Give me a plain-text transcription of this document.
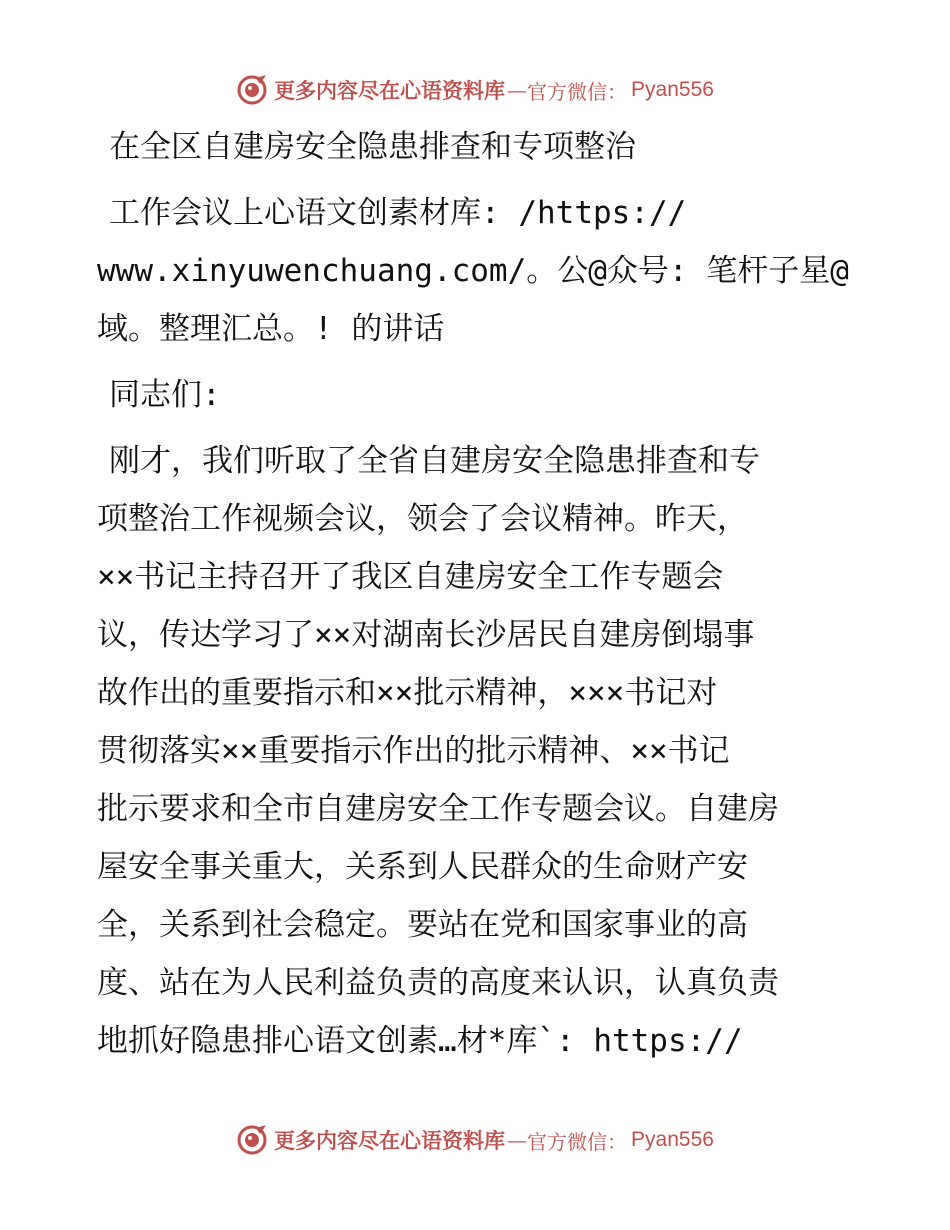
更多内容尽在心语资料库 — 官方微信： Pyan556
在全区自建房安全隐患排查和专项整治
工作会议上心语文创素材库: /https://
www.xinyuwenchuang.com/。公@众号: 笔杆子星@
域。整理汇总。! 的讲话
同志们:
刚才，我们听取了全省自建房安全隐患排查和专
项整治工作视频会议，领会了会议精神。昨天，
××书记主持召开了我区自建房安全工作专题会
议，传达学习了××对湖南长沙居民自建房倒塌事
故作出的重要指示和××批示精神，×××书记对
贯彻落实××重要指示作出的批示精神、××书记
批示要求和全市自建房安全工作专题会议。自建房
屋安全事关重大，关系到人民群众的生命财产安
全，关系到社会稳定。要站在党和国家事业的高
度、站在为人民利益负责的高度来认识，认真负责
地抓好隐患排心语文创素…材*库`: https://
更多内容尽在心语资料库 — 官方微信： Pyan556
